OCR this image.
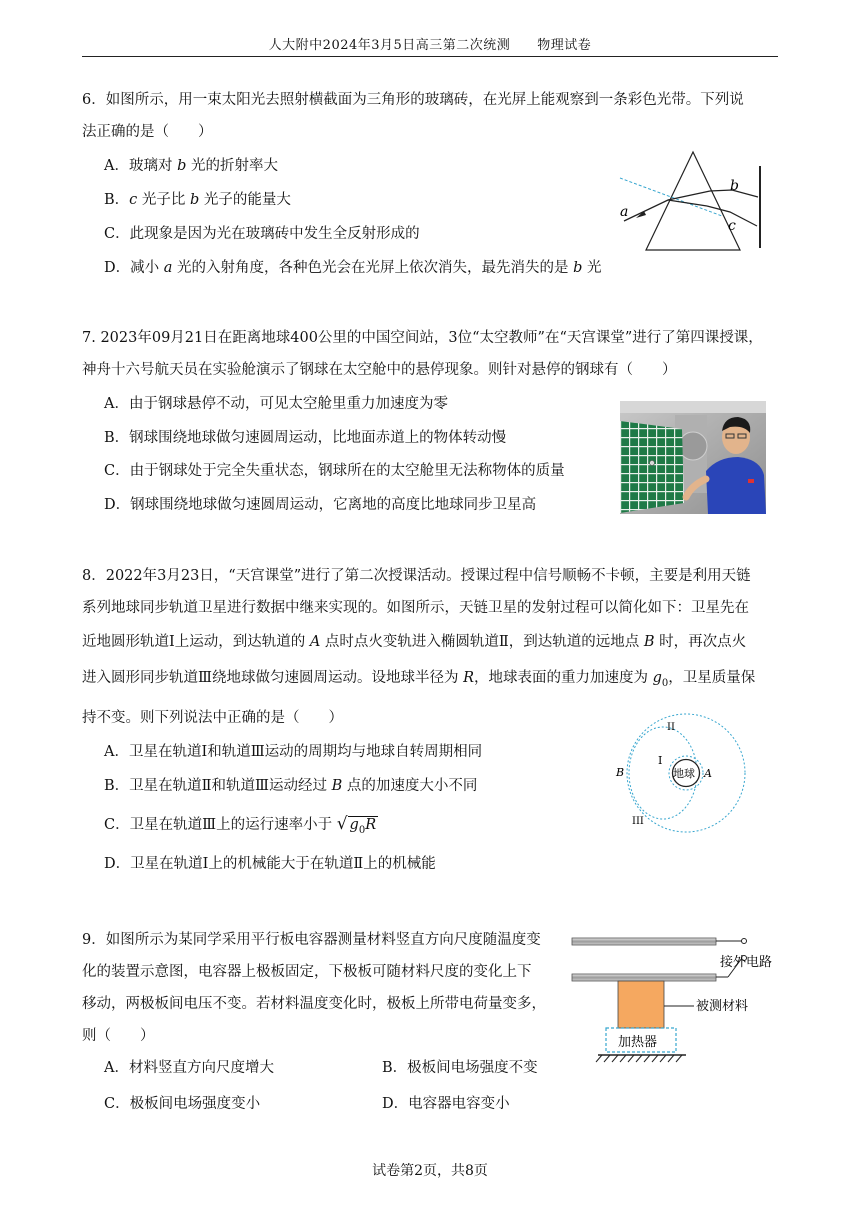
人大附中2024年3月5日高三第二次统测　　物理试卷
6．如图所示，用一束太阳光去照射横截面为三角形的玻璃砖，在光屏上能观察到一条彩色光带。下列说
法正确的是（　　）
A．玻璃对 b 光的折射率大
B．c 光子比 b 光子的能量大
C．此现象是因为光在玻璃砖中发生全反射形成的
D．减小 a 光的入射角度，各种色光会在光屏上依次消失，最先消失的是 b 光
a
b
c
7. 2023年09月21日在距离地球400公里的中国空间站，3位“太空教师”在“天宫课堂”进行了第四课授课，
神舟十六号航天员在实验舱演示了钢球在太空舱中的悬停现象。则针对悬停的钢球有（　　）
A．由于钢球悬停不动，可见太空舱里重力加速度为零
B．钢球围绕地球做匀速圆周运动，比地面赤道上的物体转动慢
C．由于钢球处于完全失重状态，钢球所在的太空舱里无法称物体的质量
D．钢球围绕地球做匀速圆周运动，它离地的高度比地球同步卫星高
8．2022年3月23日，“天宫课堂”进行了第二次授课活动。授课过程中信号顺畅不卡顿，主要是利用天链
系列地球同步轨道卫星进行数据中继来实现的。如图所示，天链卫星的发射过程可以简化如下：卫星先在
近地圆形轨道Ⅰ上运动，到达轨道的 A 点时点火变轨进入椭圆轨道Ⅱ，到达轨道的远地点 B 时，再次点火
进入圆形同步轨道Ⅲ绕地球做匀速圆周运动。设地球半径为 R，地球表面的重力加速度为 $g_0$，卫星质量保
持不变。则下列说法中正确的是（　　）
A．卫星在轨道Ⅰ和轨道Ⅲ运动的周期均与地球自转周期相同
B．卫星在轨道Ⅱ和轨道Ⅲ运动经过 B 点的加速度大小不同
C．卫星在轨道Ⅲ上的运行速率小于 √ $g_0R$
D．卫星在轨道Ⅰ上的机械能大于在轨道Ⅱ上的机械能
地球 A
B
I
II
III
9．如图所示为某同学采用平行板电容器测量材料竖直方向尺度随温度变
化的装置示意图，电容器上极板固定，下极板可随材料尺度的变化上下
移动，两极板间电压不变。若材料温度变化时，极板上所带电荷量变多，
则（　　）
A．材料竖直方向尺度增大	B．极板间电场强度不变
C．极板间电场强度变小	D．电容器电容变小
接外电路
被测材料
加热器
试卷第2页，共8页
